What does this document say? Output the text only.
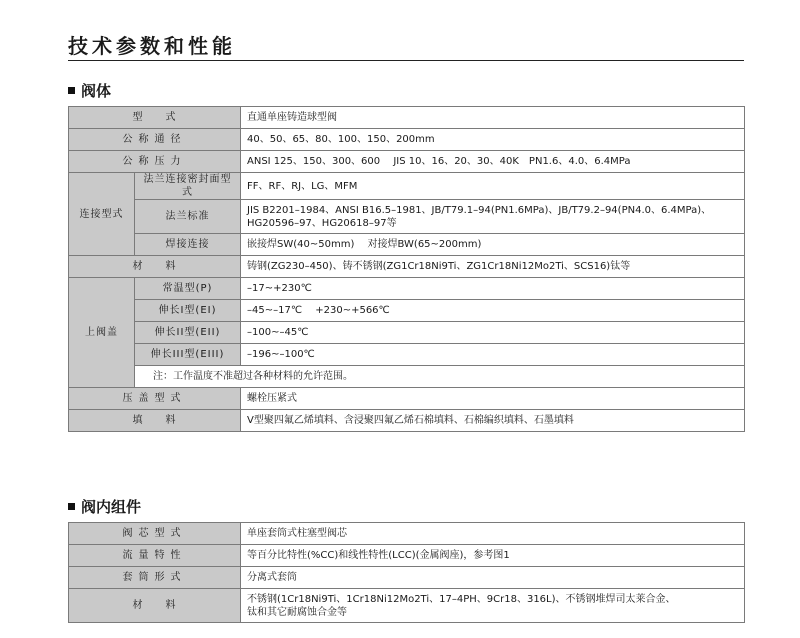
技术参数和性能
阀体
型　　式		直通单座铸造球型阀
公称通径		40、50、65、80、100、150、200mm
公称压力		ANSI 125、150、300、600　 JIS 10、16、20、30、40K　PN1.6、4.0、6.4MPa
连接型式	法兰连接密封面型式	FF、RF、RJ、LG、MFM
	法兰标准	JIS B2201–1984、ANSI B16.5–1981、JB/T79.1–94(PN1.6MPa)、JB/T79.2–94(PN4.0、6.4MPa)、
HG20596–97、HG20618–97等

	焊接连接	嵌接焊SW(40~50mm)　 对接焊BW(65~200mm)
材　　料		铸钢(ZG230–450)、铸不锈钢(ZG1Cr18Ni9Ti、ZG1Cr18Ni12Mo2Ti、SCS16)钛等
上阀盖	常温型(P)	–17~+230℃
	伸长I型(EI)	–45~–17℃　 +230~+566℃
	伸长II型(EII)	–100~–45℃
	伸长III型(EIII)	–196~–100℃
	注：工作温度不准超过各种材料的允许范围。	
压盖型式		螺栓压紧式
填　　料		V型聚四氟乙烯填料、含浸聚四氟乙烯石棉填料、石棉编织填料、石墨填料
阀内组件
阀芯型式	单座套筒式柱塞型阀芯
流量特性	等百分比特性(%CC)和线性特性(LCC)(金属阀座)，参考图1
套筒形式	分离式套筒
材　　料	不锈钢(1Cr18Ni9Ti、1Cr18Ni12Mo2Ti、17–4PH、9Cr18、316L)、不锈钢堆焊司太莱合金、
钛和其它耐腐蚀合金等
